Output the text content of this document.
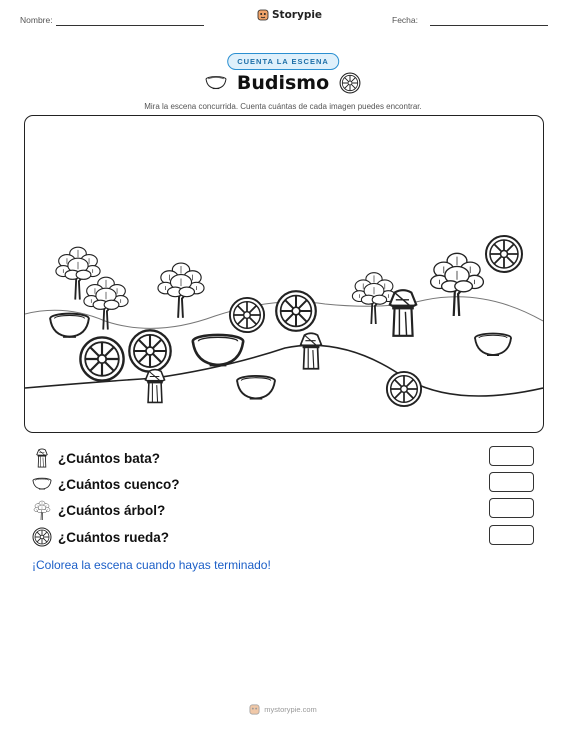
Nombre:	Storypie	Fecha:
CUENTA LA ESCENA
Budismo
Mira la escena concurrida. Cuenta cuántas de cada imagen puedes encontrar.
¿Cuántos bata?
¿Cuántos cuenco?
¿Cuántos árbol?
¿Cuántos rueda?
¡Colorea la escena cuando hayas terminado!
mystorypie.com
